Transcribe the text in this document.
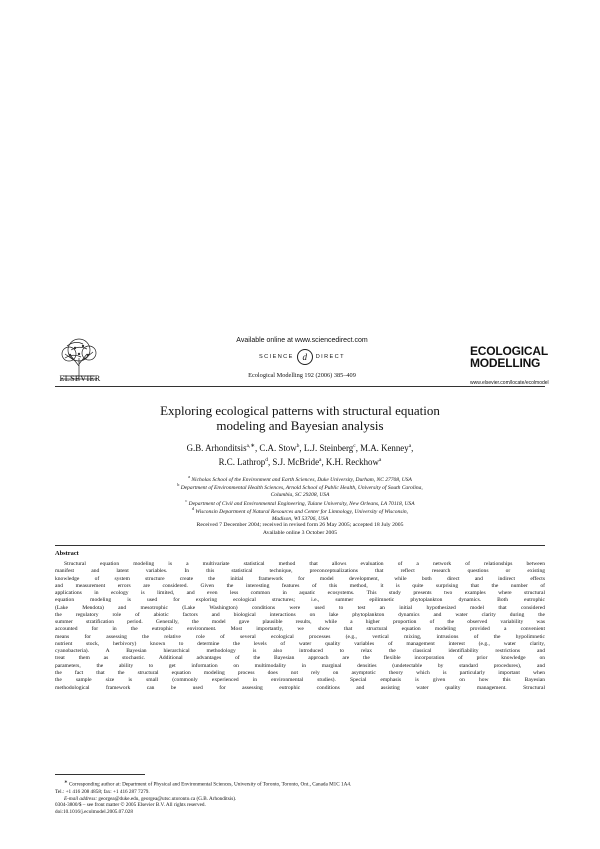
ELSEVIER
Available online at www.sciencedirect.com
SCIENCE d	DIRECT
Ecological Modelling 192 (2006) 385–409
ECOLOGICAL
MODELLING
www.elsevier.com/locate/ecolmodel
Exploring ecological patterns with structural equation
modeling and Bayesian analysis
G.B. Arhonditsis$^{a,∗}$, C.A. Stow$^b$, L.J. Steinberg$^c$, M.A. Kenney$^a$,
R.C. Lathrop$^d$, S.J. McBride$^a$, K.H. Reckhow$^a$
$^a$ Nicholas School of the Environment and Earth Sciences, Duke University, Durham, NC 27708, USA
$^b$ Department of Environmental Health Sciences, Arnold School of Public Health, University of South Carolina,
Columbia, SC 29208, USA
$^c$ Department of Civil and Environmental Engineering, Tulane University, New Orleans, LA 70118, USA
$^d$ Wisconsin Department of Natural Resources and Center for Limnology, University of Wisconsin,
Madison, WI 53706, USA
Received 7 December 2004; received in revised form 26 May 2005; accepted 18 July 2005
Available online 3 October 2005
Abstract
Structural equation modeling is a multivariate statistical method that allows evaluation of a network of relationships between
manifest and latent variables. In this statistical technique, preconceptualizations that reflect research questions or existing
knowledge of system structure create the initial framework for model development, while both direct and indirect effects
and measurement errors are considered. Given the interesting features of this method, it is quite surprising that the number of
applications in ecology is limited, and even less common in aquatic ecosystems. This study presents two examples where structural
equation modeling is used for exploring ecological structures; i.e., summer epilimnetic phytoplankton dynamics. Both eutrophic
(Lake Mendota) and mesotrophic (Lake Washington) conditions were used to test an initial hypothesized model that considered
the regulatory role of abiotic factors and biological interactions on lake phytoplankton dynamics and water clarity during the
summer stratification period. Generally, the model gave plausible results, while a higher proportion of the observed variability was
accounted for in the eutrophic environment. Most importantly, we show that structural equation modeling provided a convenient
means for assessing the relative role of several ecological processes (e.g., vertical mixing, intrusions of the hypolimnetic
nutrient stock, herbivory) known to determine the levels of water quality variables of management interest (e.g., water clarity,
cyanobacteria). A Bayesian hierarchical methodology is also introduced to relax the classical identifiability restrictions and
treat them as stochastic. Additional advantages of the Bayesian approach are the flexible incorporation of prior knowledge on
parameters, the ability to get information on multimodality in marginal densities (undetectable by standard procedures), and
the fact that the structural equation modeling process does not rely on asymptotic theory which is particularly important when
the sample size is small (commonly experienced in environmental studies). Special emphasis is given on how this Bayesian
methodological framework can be used for assessing eutrophic conditions and assisting water quality management. Structural
∗ Corresponding author at: Department of Physical and Environmental Sciences, University of Toronto, Toronto, Ont., Canada M1C 1A4.
Tel.: +1 416 208 4858; fax: +1 416 287 7279.
E-mail address: georgea@duke.edu, georgea@utsc.utoronto.ca (G.B. Arhonditsis).
0304-3800/$ – see front matter © 2005 Elsevier B.V. All rights reserved.
doi:10.1016/j.ecolmodel.2005.07.028
